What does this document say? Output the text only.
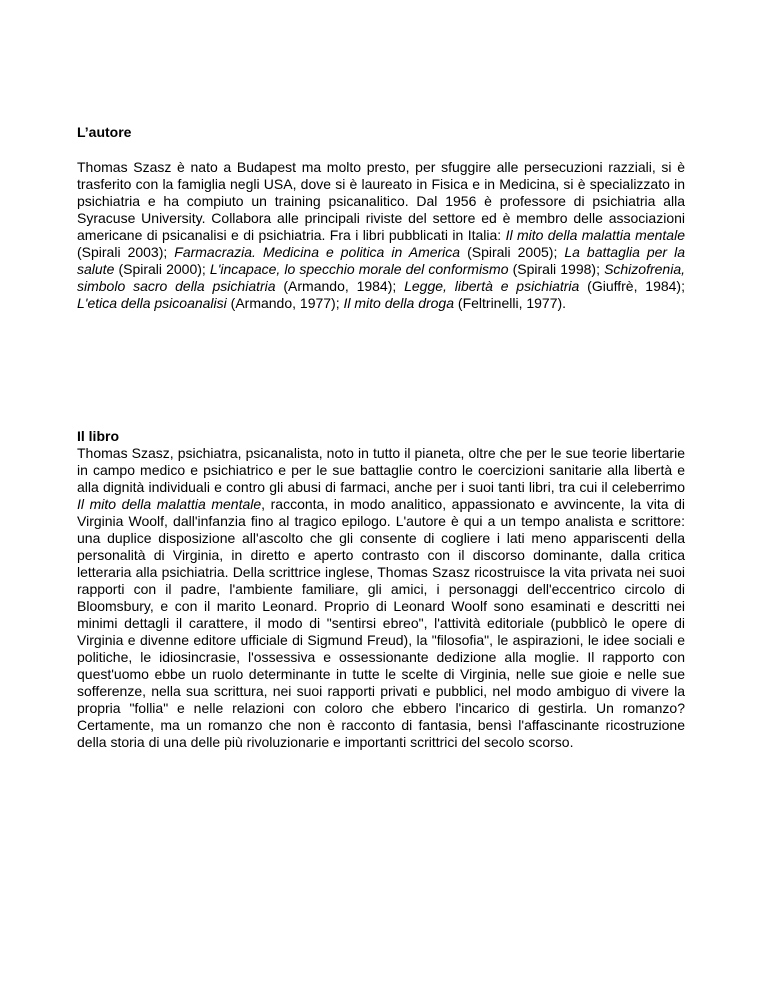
L’autore

Thomas Szasz è nato a Budapest ma molto presto, per sfuggire alle persecuzioni razziali, si è trasferito con la famiglia negli USA, dove si è laureato in Fisica e in Medicina, si è specializzato in psichiatria e ha compiuto un training psicanalitico. Dal 1956 è professore di psichiatria alla Syracuse University. Collabora alle principali riviste del settore ed è membro delle associazioni americane di psicanalisi e di psichiatria. Fra i libri pubblicati in Italia: Il mito della malattia mentale (Spirali 2003); Farmacrazia. Medicina e politica in America (Spirali 2005); La battaglia per la salute (Spirali 2000); L'incapace, lo specchio morale del conformismo (Spirali 1998); Schizofrenia, simbolo sacro della psichiatria (Armando, 1984); Legge, libertà e psichiatria (Giuffrè, 1984); L'etica della psicoanalisi (Armando, 1977); Il mito della droga (Feltrinelli, 1977).

Il libro

Thomas Szasz, psichiatra, psicanalista, noto in tutto il pianeta, oltre che per le sue teorie libertarie in campo medico e psichiatrico e per le sue battaglie contro le coercizioni sanitarie alla libertà e alla dignità individuali e contro gli abusi di farmaci, anche per i suoi tanti libri, tra cui il celeberrimo Il mito della malattia mentale, racconta, in modo analitico, appassionato e avvincente, la vita di Virginia Woolf, dall'infanzia fino al tragico epilogo. L'autore è qui a un tempo analista e scrittore: una duplice disposizione all'ascolto che gli consente di cogliere i lati meno appariscenti della personalità di Virginia, in diretto e aperto contrasto con il discorso dominante, dalla critica letteraria alla psichiatria. Della scrittrice inglese, Thomas Szasz ricostruisce la vita privata nei suoi rapporti con il padre, l'ambiente familiare, gli amici, i personaggi dell'eccentrico circolo di Bloomsbury, e con il marito Leonard. Proprio di Leonard Woolf sono esaminati e descritti nei minimi dettagli il carattere, il modo di "sentirsi ebreo", l'attività editoriale (pubblicò le opere di Virginia e divenne editore ufficiale di Sigmund Freud), la "filosofia", le aspirazioni, le idee sociali e politiche, le idiosincrasie, l'ossessiva e ossessionante dedizione alla moglie. Il rapporto con quest'uomo ebbe un ruolo determinante in tutte le scelte di Virginia, nelle sue gioie e nelle sue sofferenze, nella sua scrittura, nei suoi rapporti privati e pubblici, nel modo ambiguo di vivere la propria "follia" e nelle relazioni con coloro che ebbero l'incarico di gestirla. Un romanzo? Certamente, ma un romanzo che non è racconto di fantasia, bensì l'affascinante ricostruzione della storia di una delle più rivoluzionarie e importanti scrittrici del secolo scorso.
